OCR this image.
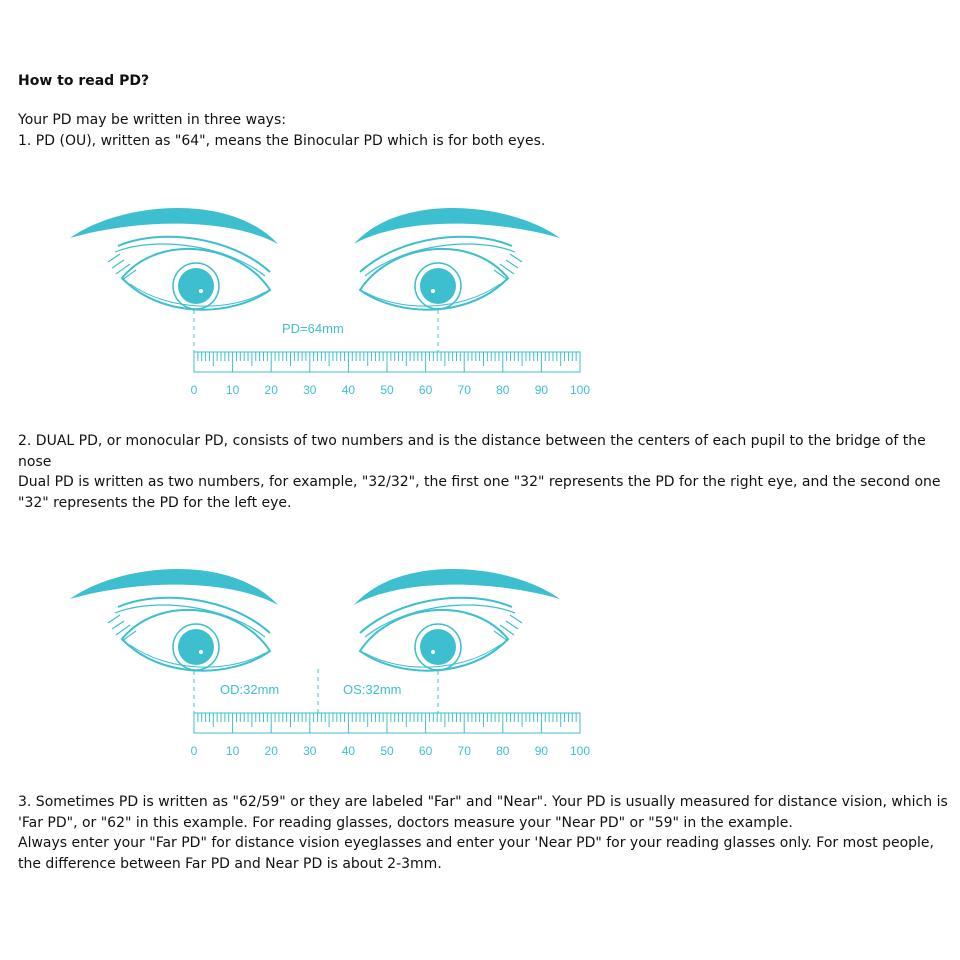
How to read PD?
Your PD may be written in three ways:
1. PD (OU), written as "64", means the Binocular PD which is for both eyes.
PD=64mm
0 10 20 30 40 50 60 70 80 90 100
2. DUAL PD, or monocular PD, consists of two numbers and is the distance between the centers of each pupil to the bridge of the nose
Dual PD is written as two numbers, for example, "32/32", the first one "32" represents the PD for the right eye, and the second one "32" represents the PD for the left eye.
OD:32mm	OS:32mm
0 10 20 30 40 50 60 70 80 90 100
3. Sometimes PD is written as "62/59" or they are labeled "Far" and "Near". Your PD is usually measured for distance vision, which is 'Far PD", or "62" in this example. For reading glasses, doctors measure your "Near PD" or "59" in the example.
Always enter your "Far PD" for distance vision eyeglasses and enter your 'Near PD" for your reading glasses only. For most people, the difference between Far PD and Near PD is about 2-3mm.
